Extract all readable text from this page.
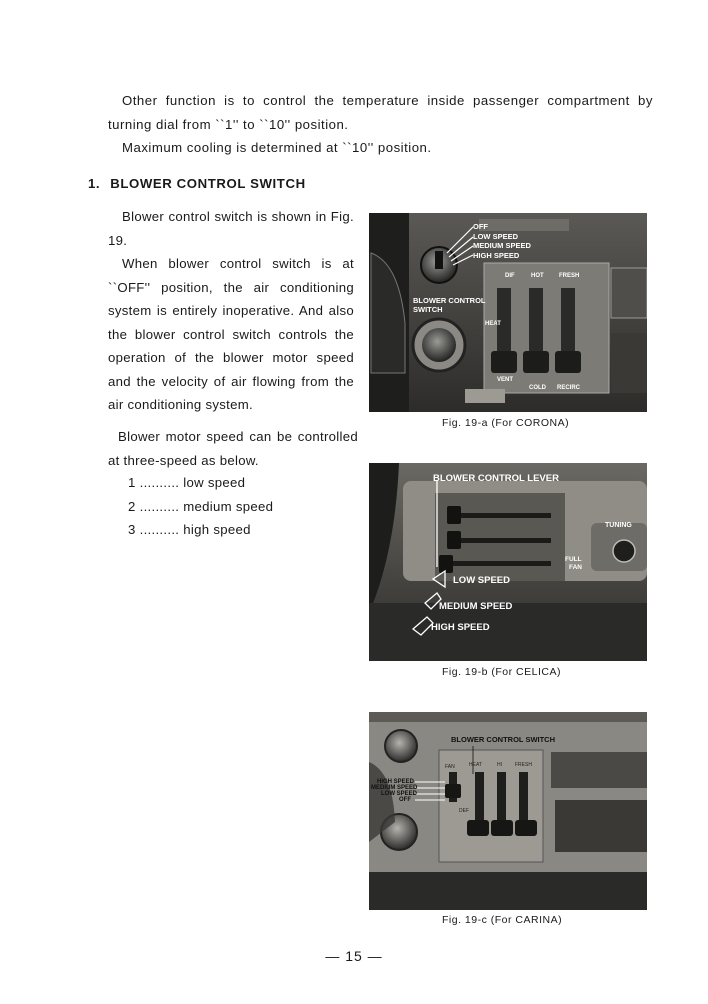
Other function is to control the temperature inside passenger compartment by turning dial from ``1'' to ``10'' position.

Maximum cooling is determined at ``10'' position.

1. BLOWER CONTROL SWITCH

Blower control switch is shown in Fig. 19.

When blower control switch is at ``OFF'' position, the air conditioning system is entirely inoperative. And also the blower control switch controls the operation of the blower motor speed and the velocity of air flowing from the air conditioning system.

Blower motor speed can be controlled at three-speed as below.

1 .......... low speed
2 .......... medium speed
3 .......... high speed
OFF
LOW SPEED
MEDIUM SPEED
HIGH SPEED
BLOWER CONTROL
SWITCH
DIF	HOT	FRESH
HEAT
VENT
COLD RECIRC
Fig. 19-a (For CORONA)
BLOWER CONTROL LEVER
LOW SPEED
MEDIUM SPEED
HIGH SPEED
TUNING
FULL
FAN
Fig. 19-b (For CELICA)
BLOWER CONTROL SWITCH
HIGH SPEED
MEDIUM SPEED
LOW SPEED
OFF
HEAT	HI	FRESH
FAN
DEF
Fig. 19-c (For CARINA)
— 15 —
